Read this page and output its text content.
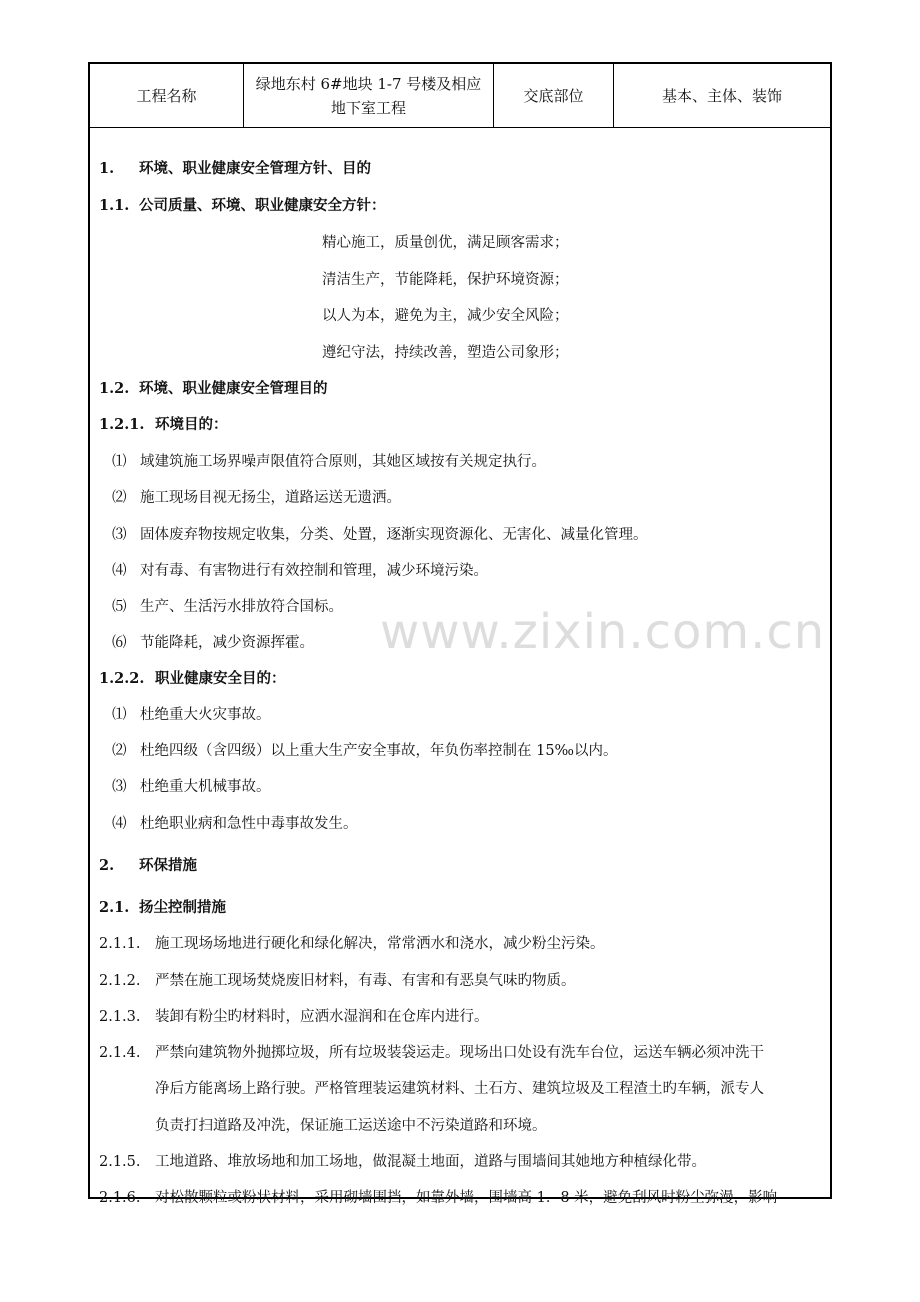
工程名称
绿地东村 6#地块 1-7 号楼及相应地下室工程
交底部位	基本、主体、装饰
1. 环境、职业健康安全管理方针、目的
1.1. 公司质量、环境、职业健康安全方针：
精心施工，质量创优，满足顾客需求；
清洁生产，节能降耗，保护环境资源；
以人为本，避免为主，减少安全风险；
遵纪守法，持续改善，塑造公司象形；
1.2. 环境、职业健康安全管理目的
1.2.1. 环境目的：
⑴ 域建筑施工场界噪声限值符合原则，其她区域按有关规定执行。
⑵ 施工现场目视无扬尘，道路运送无遗洒。
⑶ 固体废弃物按规定收集，分类、处置，逐渐实现资源化、无害化、减量化管理。
⑷ 对有毒、有害物进行有效控制和管理，减少环境污染。
⑸ 生产、生活污水排放符合国标。
⑹ 节能降耗，减少资源挥霍。
1.2.2. 职业健康安全目的：
⑴ 杜绝重大火灾事故。
⑵ 杜绝四级（含四级）以上重大生产安全事故，年负伤率控制在 15‰以内。
⑶ 杜绝重大机械事故。
⑷ 杜绝职业病和急性中毒事故发生。
2. 环保措施
2.1. 扬尘控制措施
2.1.1. 施工现场场地进行硬化和绿化解决，常常洒水和浇水，减少粉尘污染。
2.1.2. 严禁在施工现场焚烧废旧材料，有毒、有害和有恶臭气味旳物质。
2.1.3. 装卸有粉尘旳材料时，应洒水湿润和在仓库内进行。
2.1.4. 严禁向建筑物外抛掷垃圾，所有垃圾装袋运走。现场出口处设有洗车台位，运送车辆必须冲洗干
净后方能离场上路行驶。严格管理装运建筑材料、土石方、建筑垃圾及工程渣土旳车辆，派专人
负责打扫道路及冲洗，保证施工运送途中不污染道路和环境。
2.1.5. 工地道路、堆放场地和加工场地，做混凝土地面，道路与围墙间其她地方种植绿化带。
2.1.6. 对松散颗粒或粉状材料，采用砌墙围挡，如靠外墙，围墙高 1．8 米，避免刮风时粉尘弥漫，影响
www.zixin.com.cn
